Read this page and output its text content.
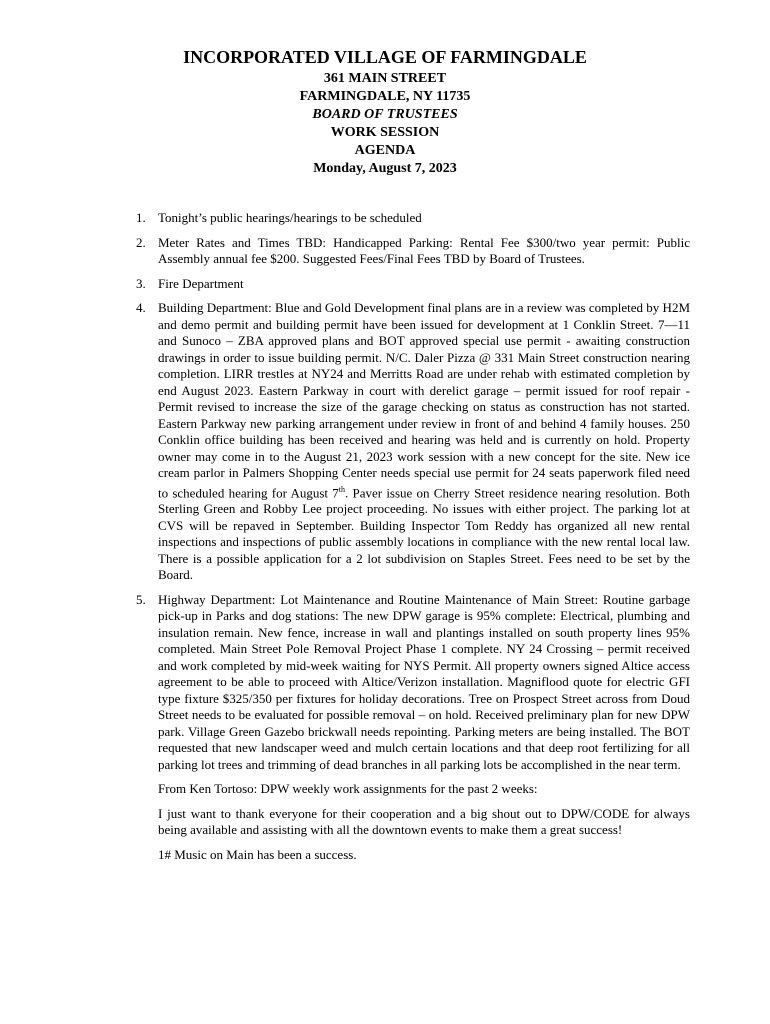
INCORPORATED VILLAGE OF FARMINGDALE
361 MAIN STREET
FARMINGDALE, NY 11735
BOARD OF TRUSTEES
WORK SESSION
AGENDA
Monday, August 7, 2023
1. Tonight’s public hearings/hearings to be scheduled
2. Meter Rates and Times TBD: Handicapped Parking: Rental Fee $300/two year permit: Public Assembly annual fee $200. Suggested Fees/Final Fees TBD by Board of Trustees.
3. Fire Department
4. Building Department: Blue and Gold Development final plans are in a review was completed by H2M and demo permit and building permit have been issued for development at 1 Conklin Street. 7—11 and Sunoco – ZBA approved plans and BOT approved special use permit - awaiting construction drawings in order to issue building permit. N/C. Daler Pizza @ 331 Main Street construction nearing completion. LIRR trestles at NY24 and Merritts Road are under rehab with estimated completion by end August 2023. Eastern Parkway in court with derelict garage – permit issued for roof repair - Permit revised to increase the size of the garage checking on status as construction has not started. Eastern Parkway new parking arrangement under review in front of and behind 4 family houses. 250 Conklin office building has been received and hearing was held and is currently on hold. Property owner may come in to the August 21, 2023 work session with a new concept for the site. New ice cream parlor in Palmers Shopping Center needs special use permit for 24 seats paperwork filed need to scheduled hearing for August 7th. Paver issue on Cherry Street residence nearing resolution. Both Sterling Green and Robby Lee project proceeding. No issues with either project. The parking lot at CVS will be repaved in September. Building Inspector Tom Reddy has organized all new rental inspections and inspections of public assembly locations in compliance with the new rental local law. There is a possible application for a 2 lot subdivision on Staples Street. Fees need to be set by the Board.
5. Highway Department: Lot Maintenance and Routine Maintenance of Main Street: Routine garbage pick-up in Parks and dog stations: The new DPW garage is 95% complete: Electrical, plumbing and insulation remain. New fence, increase in wall and plantings installed on south property lines 95% completed. Main Street Pole Removal Project Phase 1 complete. NY 24 Crossing – permit received and work completed by mid-week waiting for NYS Permit. All property owners signed Altice access agreement to be able to proceed with Altice/Verizon installation. Magniflood quote for electric GFI type fixture $325/350 per fixtures for holiday decorations. Tree on Prospect Street across from Doud Street needs to be evaluated for possible removal – on hold. Received preliminary plan for new DPW park. Village Green Gazebo brickwall needs repointing. Parking meters are being installed. The BOT requested that new landscaper weed and mulch certain locations and that deep root fertilizing for all parking lot trees and trimming of dead branches in all parking lots be accomplished in the near term.

From Ken Tortoso: DPW weekly work assignments for the past 2 weeks:

I just want to thank everyone for their cooperation and a big shout out to DPW/CODE for always being available and assisting with all the downtown events to make them a great success!

1# Music on Main has been a success.
